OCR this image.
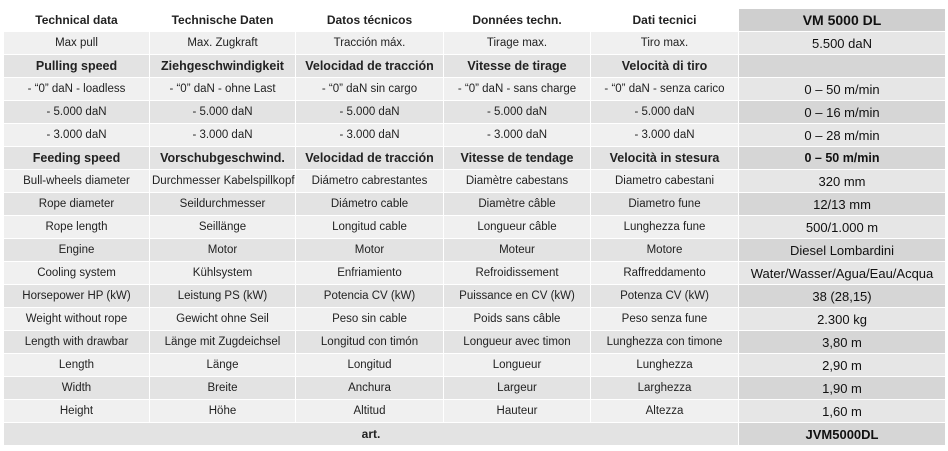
Technical data	Technische Daten	Datos técnicos	Données techn.	Dati tecnici	VM 5000 DL
Max pull	Max. Zugkraft	Tracción máx.	Tirage max.	Tiro max.	5.500 daN
Pulling speed	Ziehgeschwindigkeit	Velocidad de tracción	Vitesse de tirage	Velocità di tiro	
- “0” daN - loadless	- “0” daN - ohne Last	- “0” daN sin cargo	- “0” daN - sans charge	- “0” daN - senza carico	0 – 50 m/min
- 5.000 daN	- 5.000 daN	- 5.000 daN	- 5.000 daN	- 5.000 daN	0 – 16 m/min
- 3.000 daN	- 3.000 daN	- 3.000 daN	- 3.000 daN	- 3.000 daN	0 – 28 m/min
Feeding speed	Vorschubgeschwind.	Velocidad de tracción	Vitesse de tendage	Velocità in stesura	0 – 50 m/min
Bull-wheels diameter	Durchmesser Kabelspillkopf	Diámetro cabrestantes	Diamètre cabestans	Diametro cabestani	320 mm
Rope diameter	Seildurchmesser	Diámetro cable	Diamètre câble	Diametro fune	12/13 mm
Rope length	Seillänge	Longitud cable	Longueur câble	Lunghezza fune	500/1.000 m
Engine	Motor	Motor	Moteur	Motore	Diesel Lombardini
Cooling system	Kühlsystem	Enfriamiento	Refroidissement	Raffreddamento	Water/Wasser/Agua/Eau/Acqua
Horsepower HP (kW)	Leistung PS (kW)	Potencia CV (kW)	Puissance en CV (kW)	Potenza CV (kW)	38 (28,15)
Weight without rope	Gewicht ohne Seil	Peso sin cable	Poids sans câble	Peso senza fune	2.300 kg
Length with drawbar	Länge mit Zugdeichsel	Longitud con timón	Longueur avec timon	Lunghezza con timone	3,80 m
Length	Länge	Longitud	Longueur	Lunghezza	2,90 m
Width	Breite	Anchura	Largeur	Larghezza	1,90 m
Height	Höhe	Altitud	Hauteur	Altezza	1,60 m
art.					JVM5000DL
